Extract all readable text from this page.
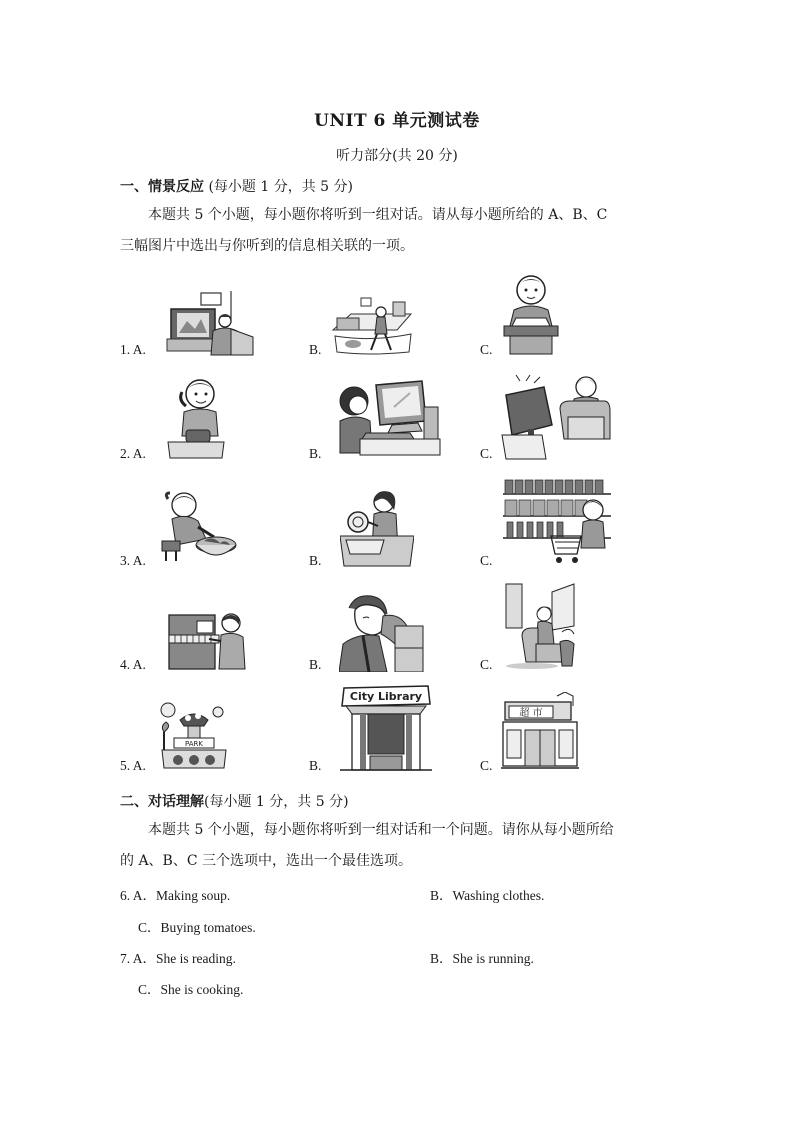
UNIT 6 单元测试卷
听力部分(共 20 分)
一、情景反应 (每小题 1 分，共 5 分)
本题共 5 个小题，每小题你将听到一组对话。请从每小题所给的 A、B、C
三幅图片中选出与你听到的信息相关联的一项。
1. A.	B.	C.
2. A.	B.	C.
3. A.	B.	C.
4. A.	B.	C.
5. A.	B.	C.
PARK
City Library
超 市
二、对话理解(每小题 1 分，共 5 分)
本题共 5 个小题，每小题你将听到一组对话和一个问题。请你从每小题所给
的 A、B、C 三个选项中，选出一个最佳选项。
6. A．Making soup.	B．Washing clothes.
C．Buying tomatoes.
7. A．She is reading.	B．She is running.
C．She is cooking.
